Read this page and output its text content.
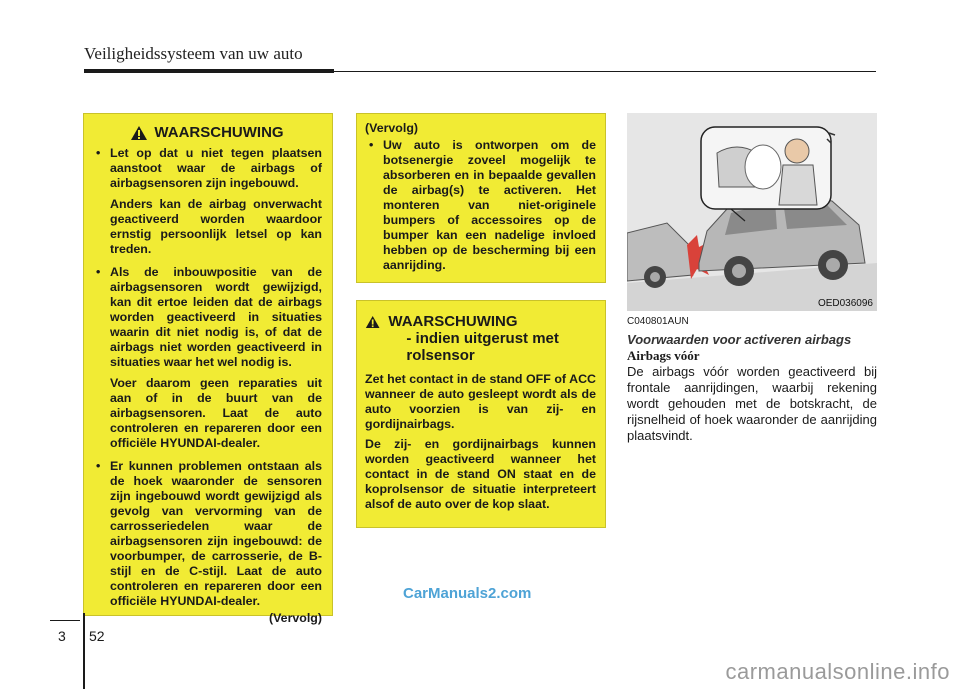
Veiligheidssysteem van uw auto
WAARSCHUWING
• Let op dat u niet tegen plaatsen aanstoot waar de airbags of airbagsensoren zijn ingebouwd.

Anders kan de airbag onverwacht geactiveerd worden waardoor ernstig persoonlijk letsel op kan treden.

• Als de inbouwpositie van de airbagsensoren wordt gewijzigd, kan dit ertoe leiden dat de airbags worden geactiveerd in situaties waarin dit niet nodig is, of dat de airbags niet worden geactiveerd in situaties waar het wel nodig is.

Voer daarom geen reparaties uit aan of in de buurt van de airbagsensoren. Laat de auto controleren en repareren door een officiële HYUNDAI-dealer.

• Er kunnen problemen ontstaan als de hoek waaronder de sensoren zijn ingebouwd wordt gewijzigd als gevolg van vervorming van de carrosseriedelen waar de airbagsensoren zijn ingebouwd: de voorbumper, de carrosserie, de B-stijl en de C-stijl. Laat de auto controleren en repareren door een officiële HYUNDAI-dealer.

(Vervolg)
(Vervolg)
• Uw auto is ontworpen om de botsenergie zoveel mogelijk te absorberen en in bepaalde gevallen de airbag(s) te activeren. Het monteren van niet-originele bumpers of accessoires op de bumper kan een nadelige invloed hebben op de bescherming bij een aanrijding.

WAARSCHUWING
- indien uitgerust met rolsensor

Zet het contact in de stand OFF of ACC wanneer de auto gesleept wordt als de auto voorzien is van zij- en gordijnairbags.

De zij- en gordijnairbags kunnen worden geactiveerd wanneer het contact in de stand ON staat en de koprolsensor de situatie interpreteert alsof de auto over de kop slaat.

OED036096
C040801AUN
Voorwaarden voor activeren airbags
Airbags vóór
De airbags vóór worden geactiveerd bij frontale aanrijdingen, waarbij rekening wordt gehouden met de botskracht, de rijsnelheid of hoek waaronder de aanrijding plaatsvindt.
CarManuals2.com
3 52
carmanualsonline.info
